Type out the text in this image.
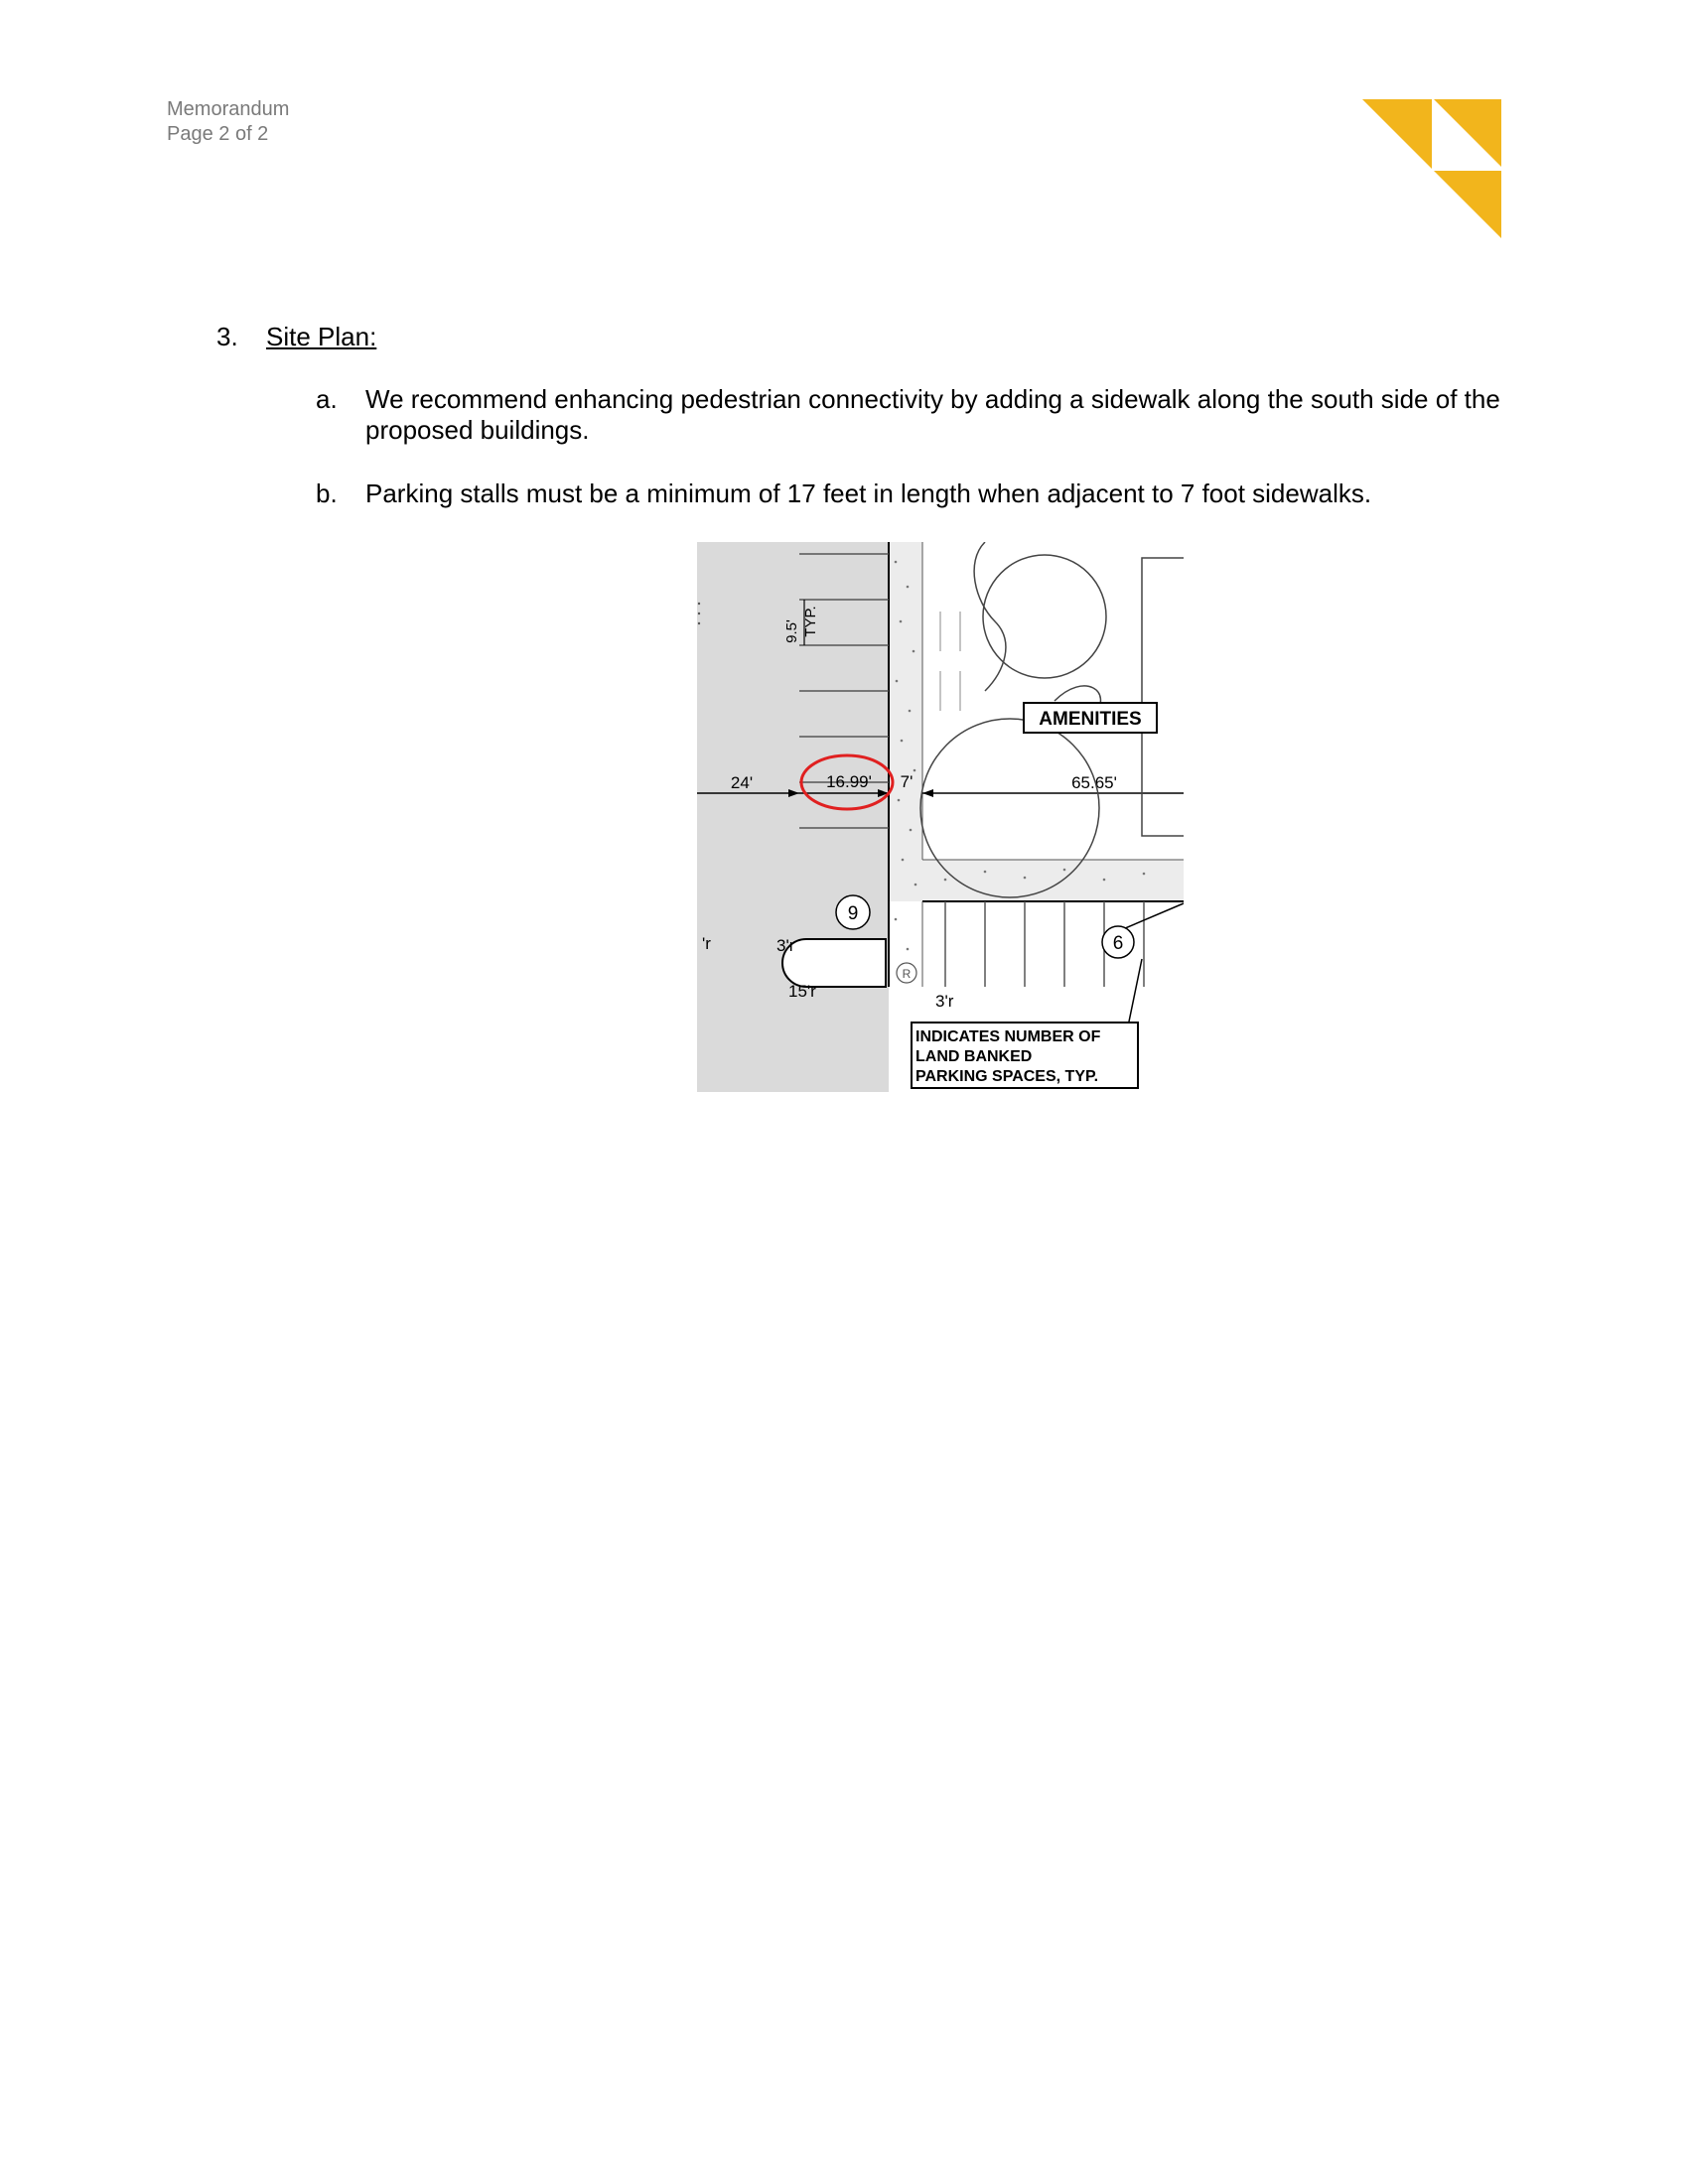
Memorandum
Page 2 of 2
3. Site Plan:
a. We recommend enhancing pedestrian connectivity by adding a sidewalk along the south side of the proposed buildings.
b. Parking stalls must be a minimum of 17 feet in length when adjacent to 7 foot sidewalks.
9.5' TYP.
24'	16.99' 7'	65.65'
AMENITIES
6
9
3'r
15'r
'r
R
3'r
INDICATES NUMBER OF
LAND BANKED
PARKING SPACES, TYP.
